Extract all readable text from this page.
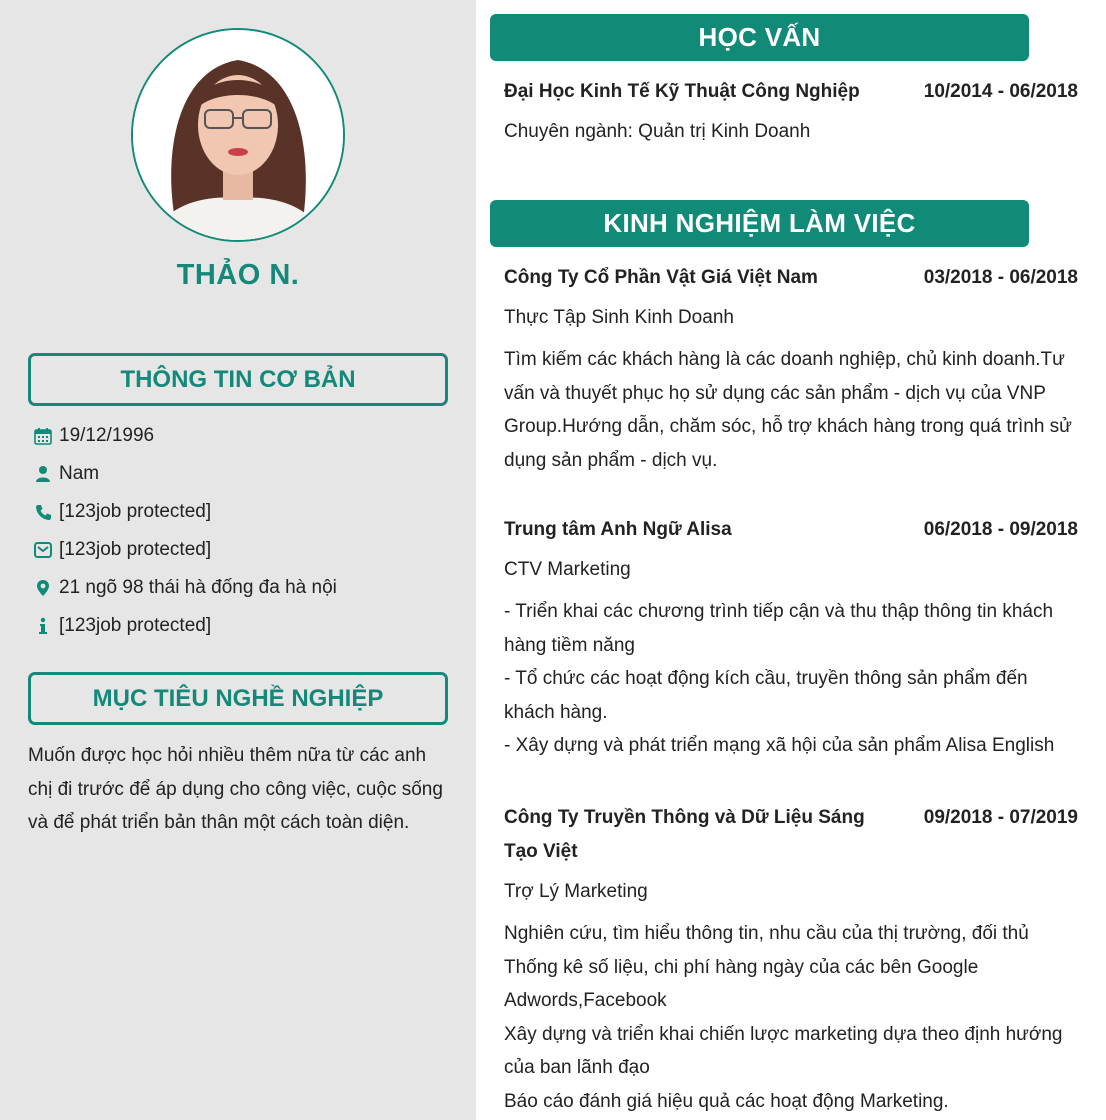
THẢO N.
THÔNG TIN CƠ BẢN
19/12/1996
Nam
[123job protected]
[123job protected]
21 ngõ 98 thái hà đống đa hà nội
[123job protected]
MỤC TIÊU NGHỀ NGHIỆP
Muốn được học hỏi nhiều thêm nữa từ các anh chị đi trước để áp dụng cho công việc, cuộc sống và để phát triển bản thân một cách toàn diện.
HỌC VẤN
Đại Học Kinh Tế Kỹ Thuật Công Nghiệp	10/2014 - 06/2018
Chuyên ngành: Quản trị Kinh Doanh
KINH NGHIỆM LÀM VIỆC
Công Ty Cổ Phần Vật Giá Việt Nam	03/2018 - 06/2018
Thực Tập Sinh Kinh Doanh
Tìm kiếm các khách hàng là các doanh nghiệp, chủ kinh doanh.Tư vấn và thuyết phục họ sử dụng các sản phẩm - dịch vụ của VNP Group.Hướng dẫn, chăm sóc, hỗ trợ khách hàng trong quá trình sử dụng sản phẩm - dịch vụ.
Trung tâm Anh Ngữ Alisa	06/2018 - 09/2018
CTV Marketing
- Triển khai các chương trình tiếp cận và thu thập thông tin khách hàng tiềm năng
- Tổ chức các hoạt động kích cầu, truyền thông sản phẩm đến khách hàng.
- Xây dựng và phát triển mạng xã hội của sản phẩm Alisa English
Công Ty Truyền Thông và Dữ Liệu Sáng Tạo Việt
09/2018 - 07/2019
Trợ Lý Marketing
Nghiên cứu, tìm hiểu thông tin, nhu cầu của thị trường, đối thủ
Thống kê số liệu, chi phí hàng ngày của các bên Google Adwords,Facebook
Xây dựng và triển khai chiến lược marketing dựa theo định hướng của ban lãnh đạo
Báo cáo đánh giá hiệu quả các hoạt động Marketing.
